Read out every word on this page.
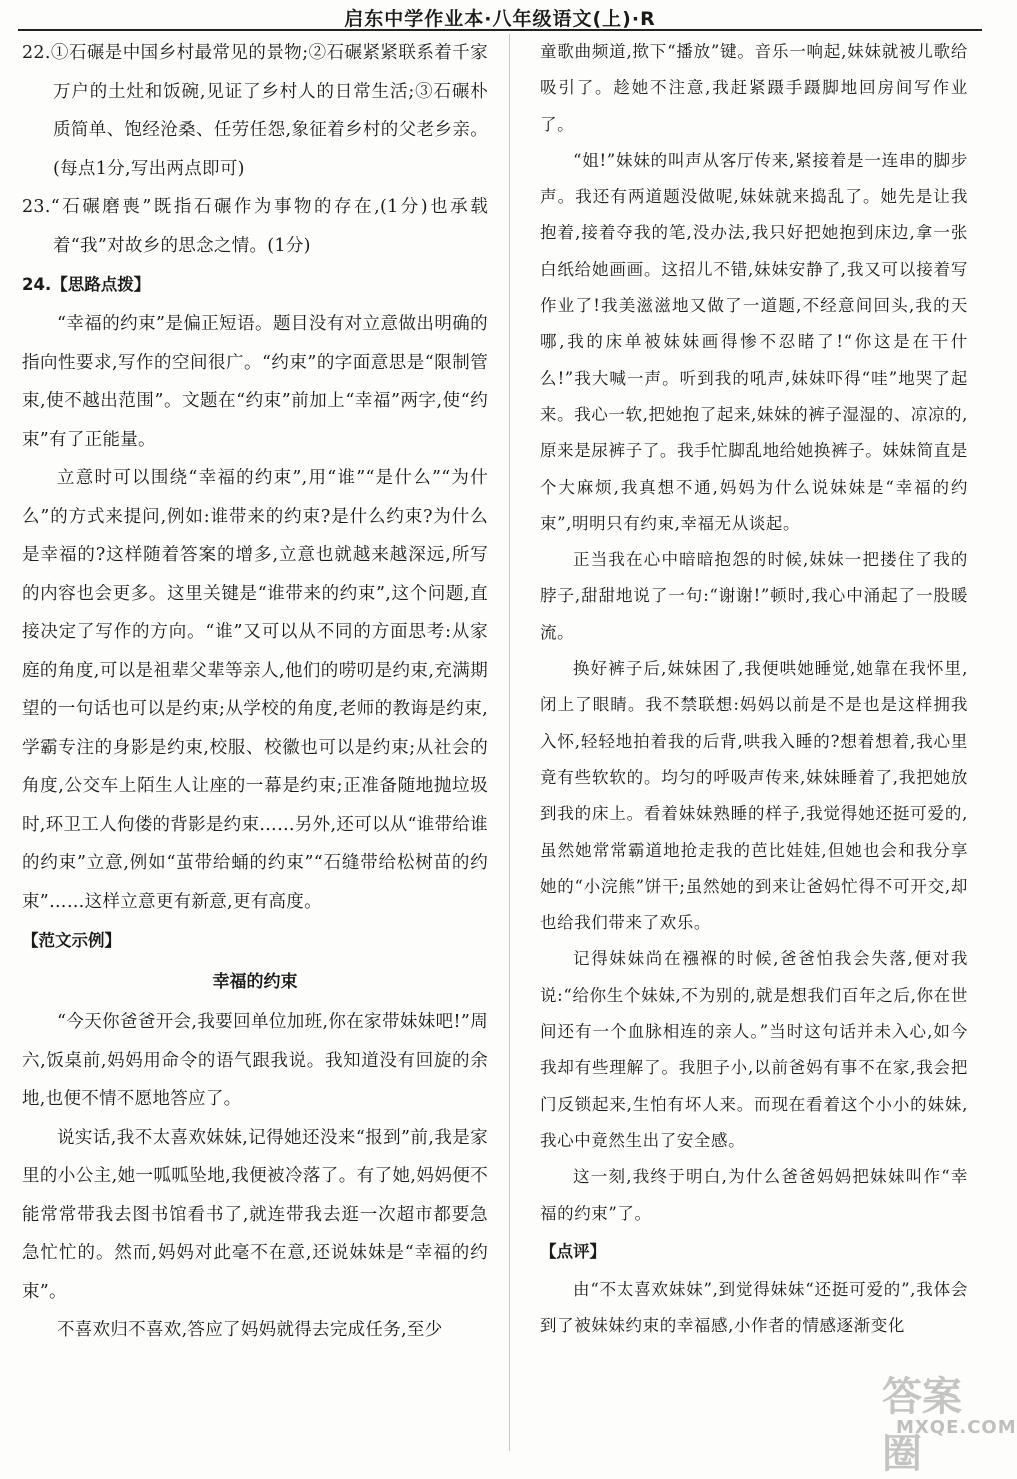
启东中学作业本·八年级语文(上)·R

22.①石碾是中国乡村最常见的景物;②石碾紧紧联系着千家万户的土灶和饭碗,见证了乡村人的日常生活;③石碾朴质简单、饱经沧桑、任劳任怨,象征着乡村的父老乡亲。(每点1分,写出两点即可)

23.“石碾磨喪”既指石碾作为事物的存在,(1分)也承载着“我”对故乡的思念之情。(1分)

24.【思路点拨】

“幸福的约束”是偏正短语。题目没有对立意做出明确的指向性要求,写作的空间很广。“约束”的字面意思是“限制管束,使不越出范围”。文题在“约束”前加上“幸福”两字,使“约束”有了正能量。

立意时可以围绕“幸福的约束”,用“谁”“是什么”“为什么”的方式来提问,例如:谁带来的约束?是什么约束?为什么是幸福的?这样随着答案的增多,立意也就越来越深远,所写的内容也会更多。这里关键是“谁带来的约束”,这个问题,直接决定了写作的方向。“谁”又可以从不同的方面思考:从家庭的角度,可以是祖辈父辈等亲人,他们的唠叨是约束,充满期望的一句话也可以是约束;从学校的角度,老师的教诲是约束,学霸专注的身影是约束,校服、校徽也可以是约束;从社会的角度,公交车上陌生人让座的一幕是约束;正准备随地抛垃圾时,环卫工人佝偻的背影是约束……另外,还可以从“谁带给谁的约束”立意,例如“茧带给蛹的约束”“石缝带给松树苗的约束”……这样立意更有新意,更有高度。

【范文示例】

幸福的约束

“今天你爸爸开会,我要回单位加班,你在家带妹妹吧!”周六,饭桌前,妈妈用命令的语气跟我说。我知道没有回旋的余地,也便不情不愿地答应了。

说实话,我不太喜欢妹妹,记得她还没来“报到”前,我是家里的小公主,她一呱呱坠地,我便被冷落了。有了她,妈妈便不能常常带我去图书馆看书了,就连带我去逛一次超市都要急急忙忙的。然而,妈妈对此毫不在意,还说妹妹是“幸福的约束”。

不喜欢归不喜欢,答应了妈妈就得去完成任务,至少

童歌曲频道,揿下“播放”键。音乐一响起,妹妹就被儿歌给吸引了。趁她不注意,我赶紧蹑手蹑脚地回房间写作业了。

“姐!”妹妹的叫声从客厅传来,紧接着是一连串的脚步声。我还有两道题没做呢,妹妹就来捣乱了。她先是让我抱着,接着夺我的笔,没办法,我只好把她抱到床边,拿一张白纸给她画画。这招儿不错,妹妹安静了,我又可以接着写作业了!我美滋滋地又做了一道题,不经意间回头,我的天哪,我的床单被妹妹画得惨不忍睹了!“你这是在干什么!”我大喊一声。听到我的吼声,妹妹吓得“哇”地哭了起来。我心一软,把她抱了起来,妹妹的裤子湿湿的、凉凉的,原来是尿裤子了。我手忙脚乱地给她换裤子。妹妹简直是个大麻烦,我真想不通,妈妈为什么说妹妹是“幸福的约束”,明明只有约束,幸福无从谈起。

正当我在心中暗暗抱怨的时候,妹妹一把搂住了我的脖子,甜甜地说了一句:“谢谢!”顿时,我心中涌起了一股暖流。

换好裤子后,妹妹困了,我便哄她睡觉,她靠在我怀里,闭上了眼睛。我不禁联想:妈妈以前是不是也是这样拥我入怀,轻轻地拍着我的后背,哄我入睡的?想着想着,我心里竟有些软软的。均匀的呼吸声传来,妹妹睡着了,我把她放到我的床上。看着妹妹熟睡的样子,我觉得她还挺可爱的,虽然她常常霸道地抢走我的芭比娃娃,但她也会和我分享她的“小浣熊”饼干;虽然她的到来让爸妈忙得不可开交,却也给我们带来了欢乐。

记得妹妹尚在襁褓的时候,爸爸怕我会失落,便对我说:“给你生个妹妹,不为别的,就是想我们百年之后,你在世间还有一个血脉相连的亲人。”当时这句话并未入心,如今我却有些理解了。我胆子小,以前爸妈有事不在家,我会把门反锁起来,生怕有坏人来。而现在看着这个小小的妹妹,我心中竟然生出了安全感。

这一刻,我终于明白,为什么爸爸妈妈把妹妹叫作“幸福的约束”了。

【点评】

由“不太喜欢妹妹”,到觉得妹妹“还挺可爱的”,我体会到了被妹妹约束的幸福感,小作者的情感逐渐变化

答案圈
MXQE.COM
